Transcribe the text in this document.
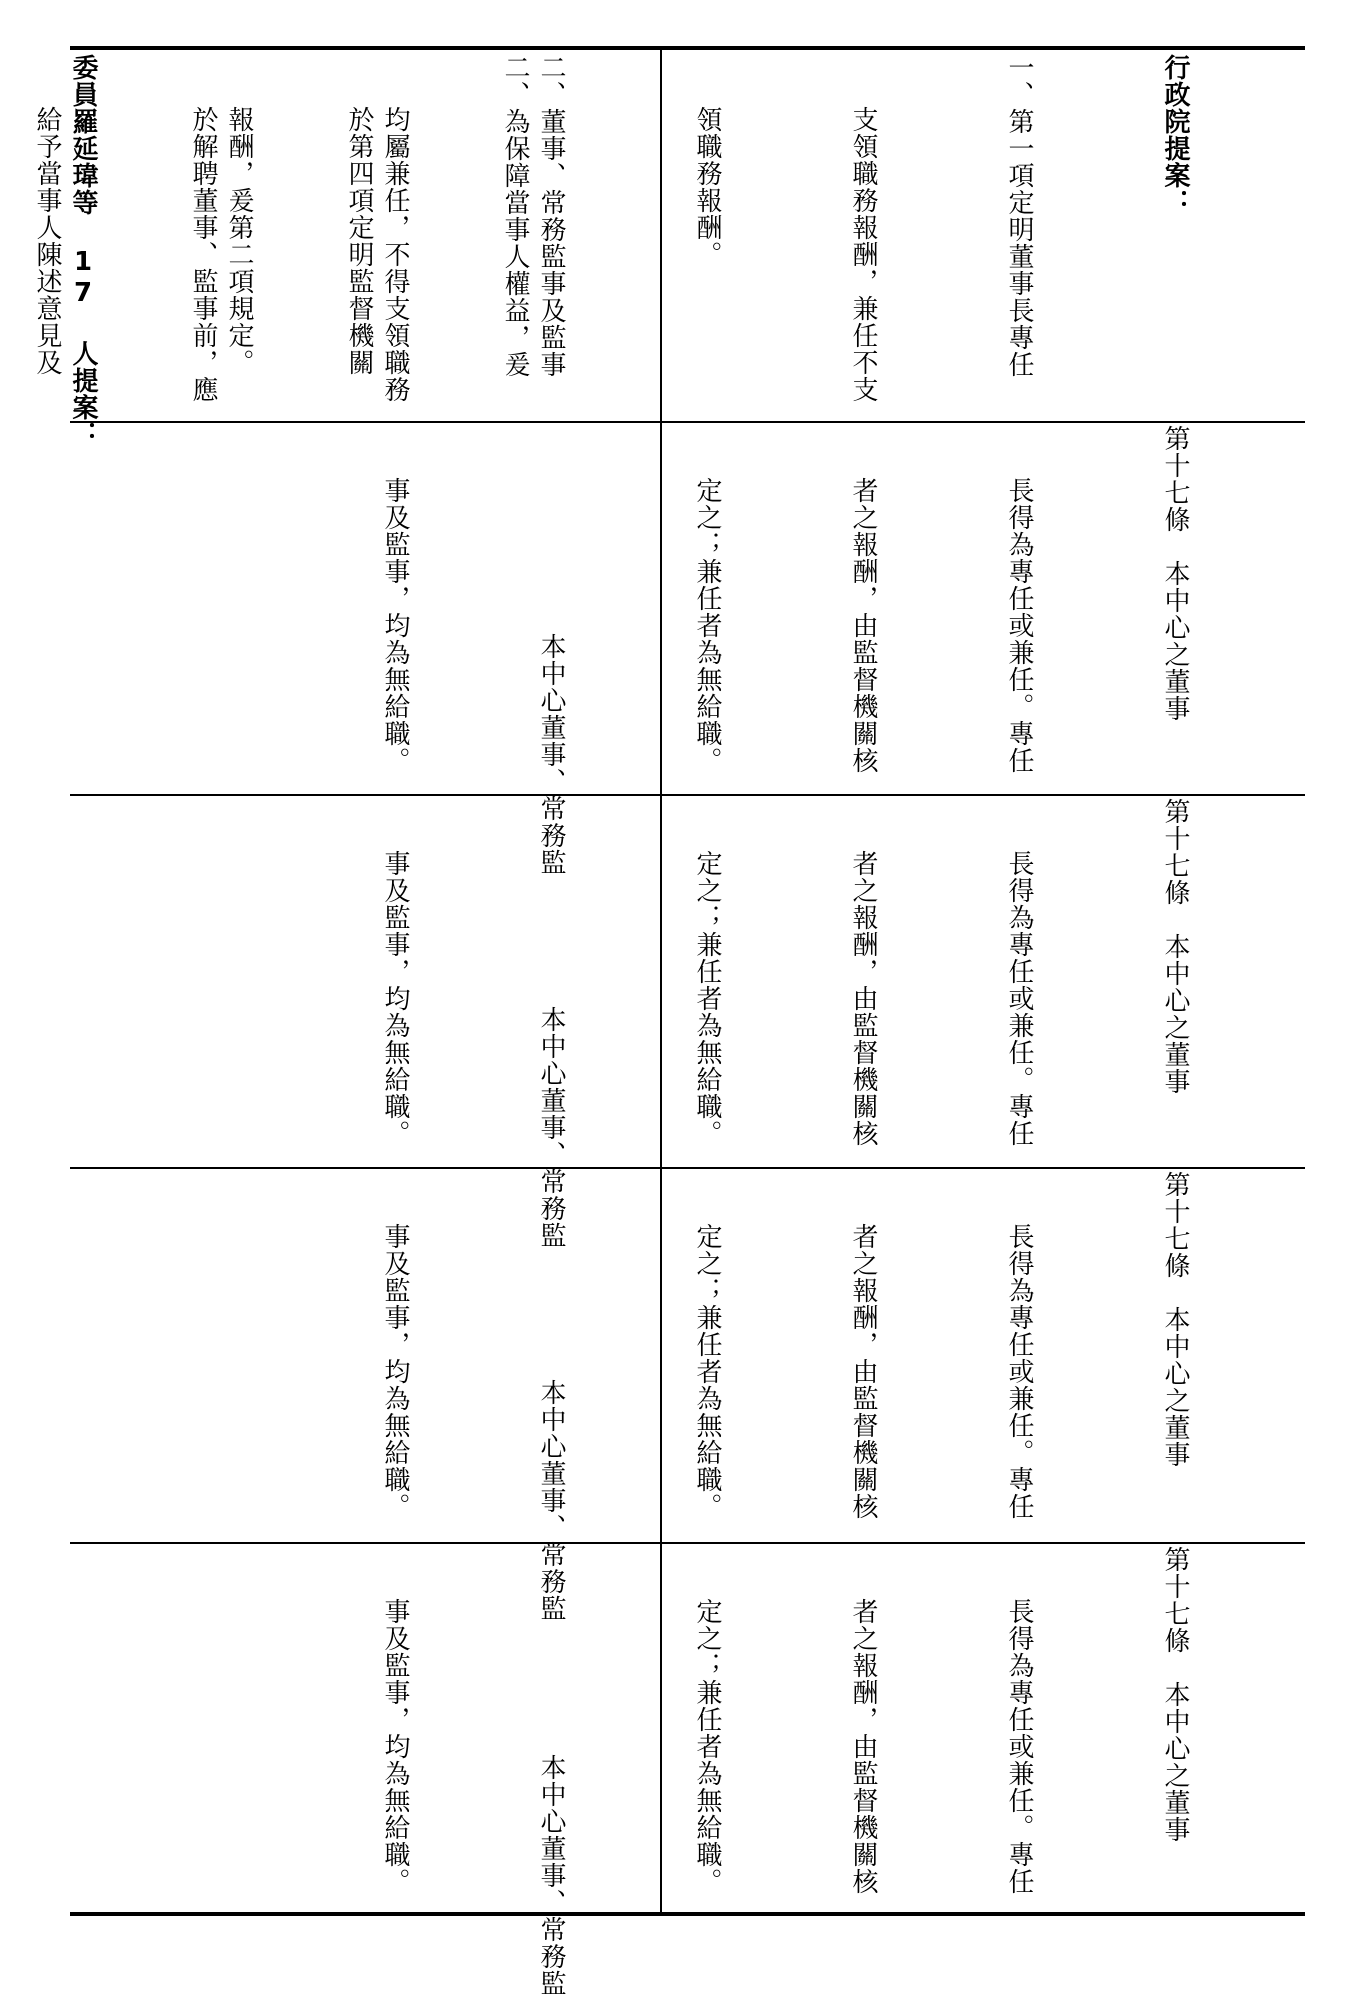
二、為保障當事人權益，爰

於第四項定明監督機關

於解聘董事、監事前，應

給予當事人陳述意見及

	行政院提案：

一、第一項定明董事長專任

支領職務報酬，兼任不支

領職務報酬。

二、董事、常務監事及監事

均屬兼任，不得支領職務

報酬，爰第二項規定。

委員羅延瑋等 17 人提案：

第十七條　本中心之董事

長得為專任或兼任。專任

者之報酬，由監督機關核

定之；兼任者為無給職。

本中心董事、常務監

事及監事，均為無給職。

第十七條　本中心之董事

長得為專任或兼任。專任

者之報酬，由監督機關核

定之；兼任者為無給職。

本中心董事、常務監

事及監事，均為無給職。

第十七條　本中心之董事

長得為專任或兼任。專任

者之報酬，由監督機關核

定之；兼任者為無給職。

本中心董事、常務監

事及監事，均為無給職。

第十七條　本中心之董事

長得為專任或兼任。專任

者之報酬，由監督機關核

定之；兼任者為無給職。

本中心董事、常務監

事及監事，均為無給職。
